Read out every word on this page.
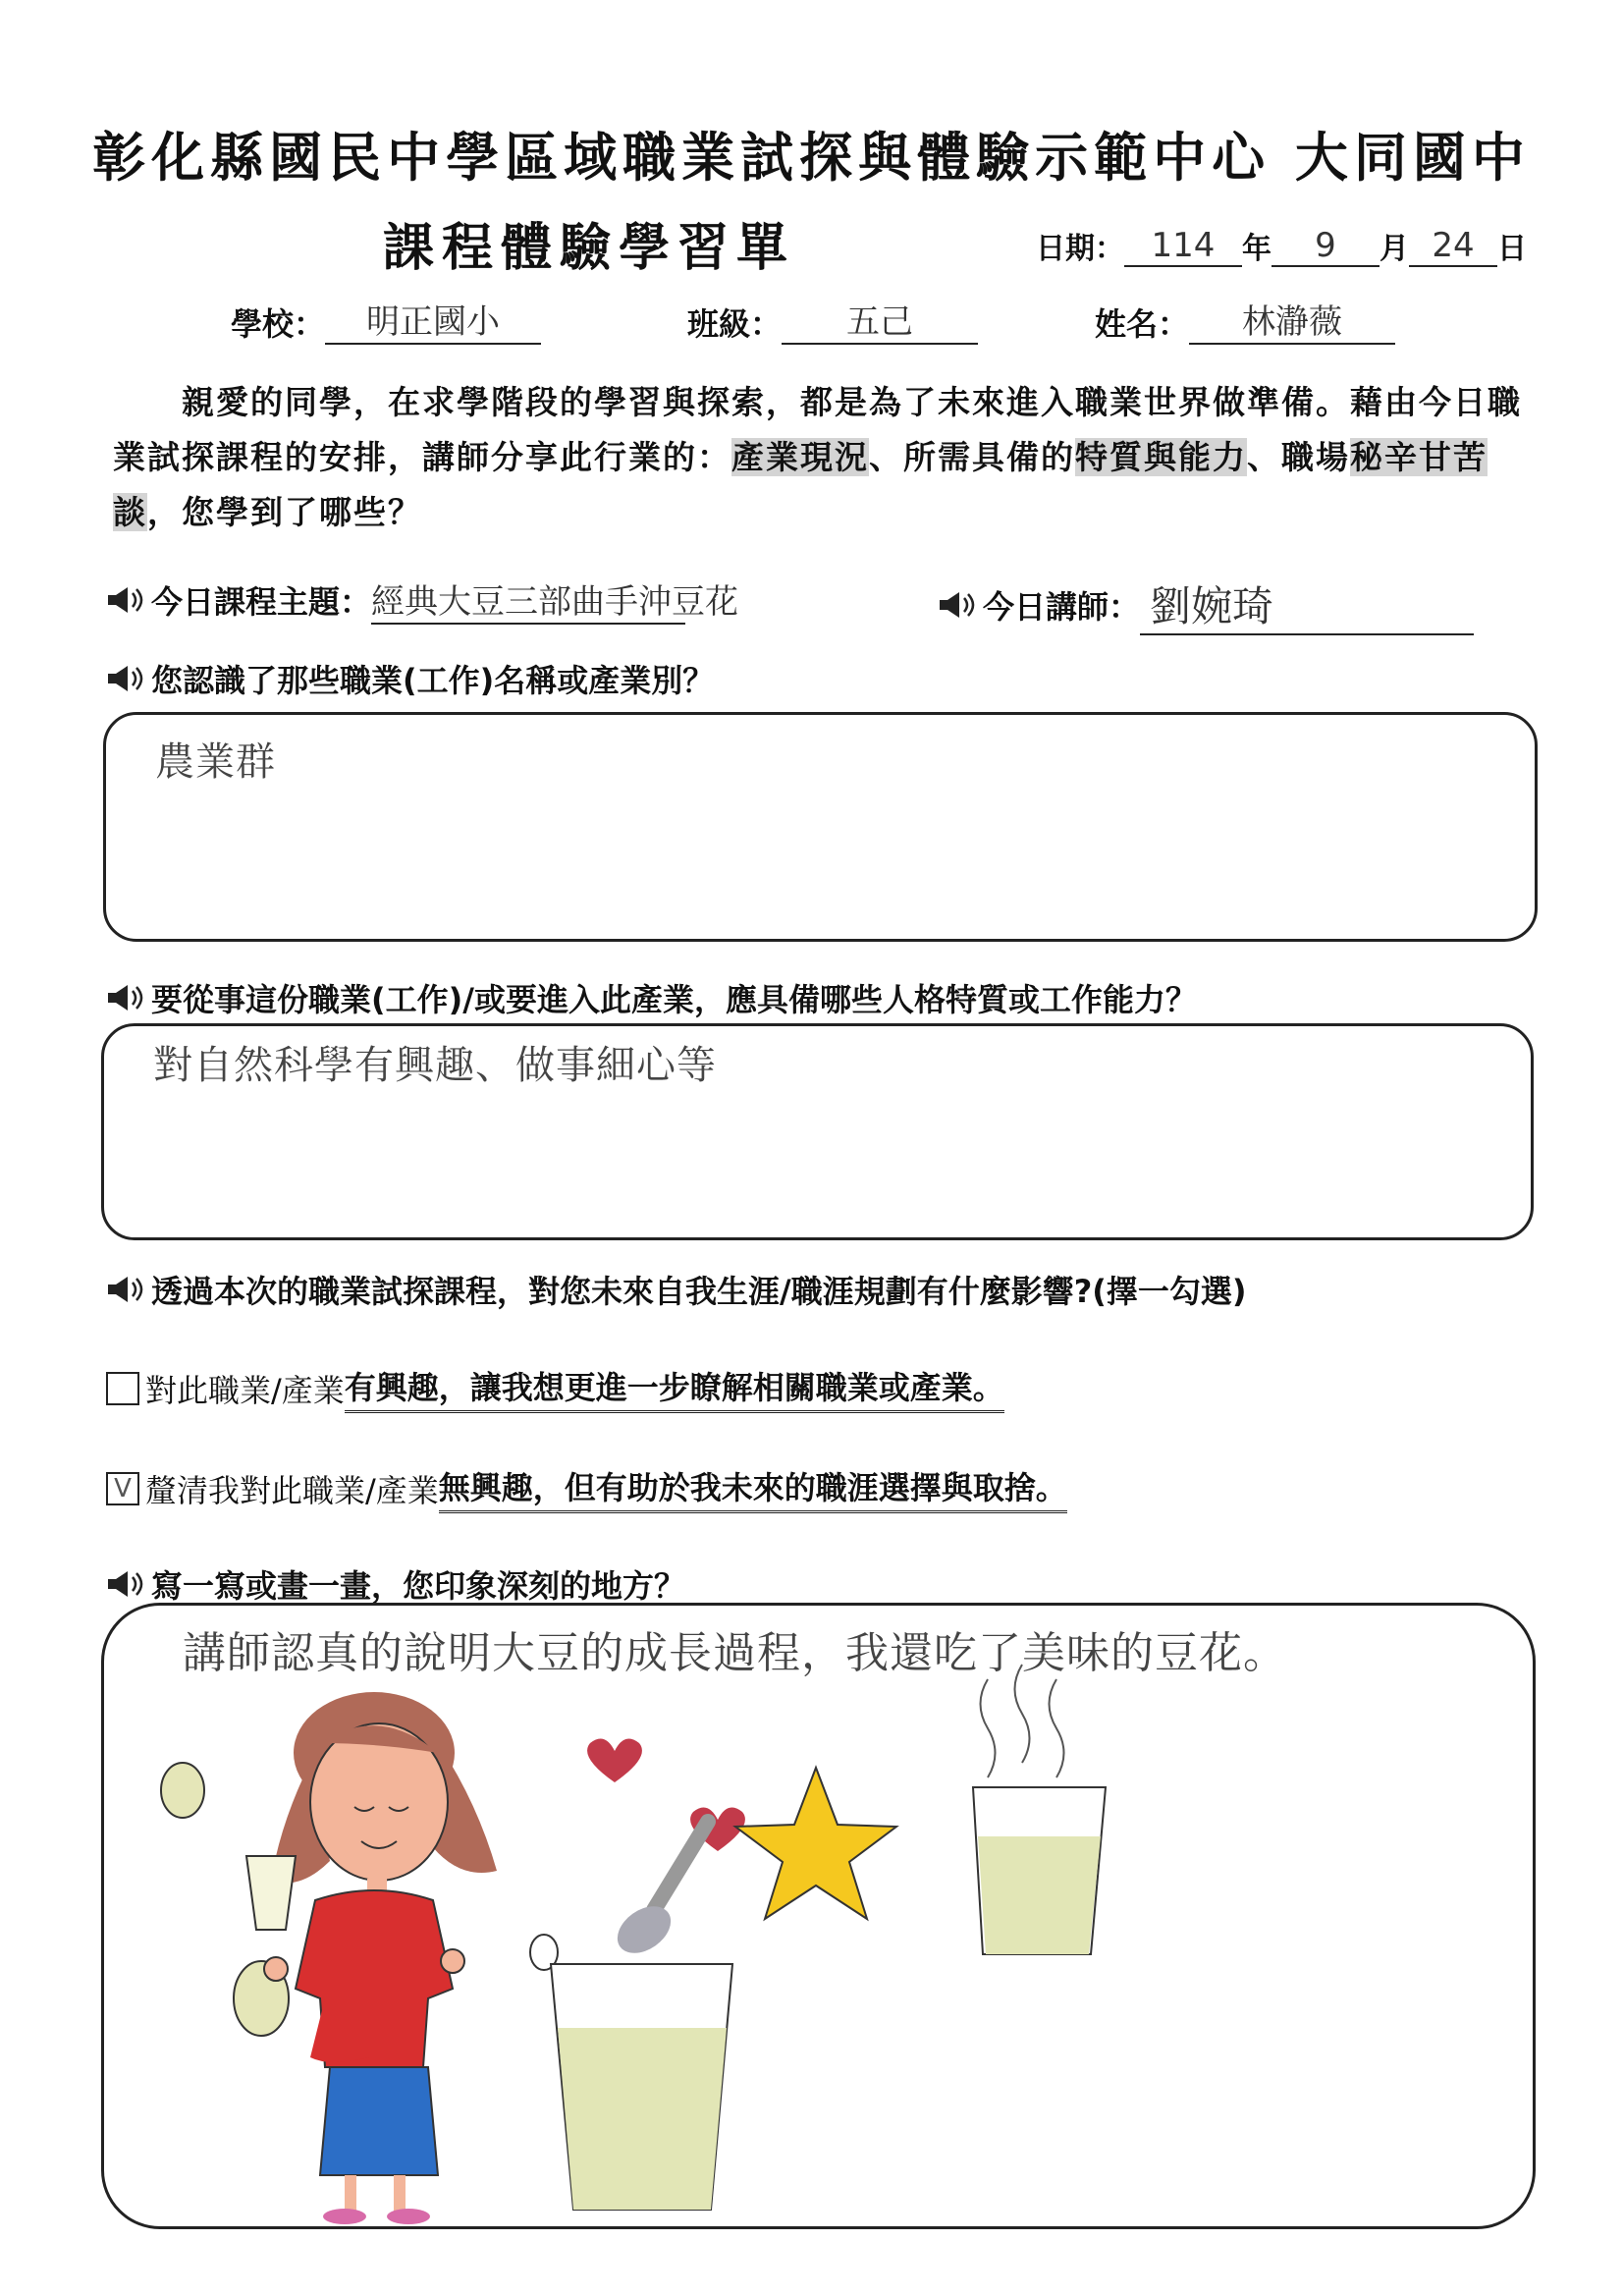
彰化縣國民中學區域職業試探與體驗示範中心 大同國中
課程體驗學習單	日期： 114 年	9	月 24 日
學校：	明正國小	班級：	五己	姓名：	林瀞薇
親愛的同學，在求學階段的學習與探索，都是為了未來進入職業世界做準備。藉由今日職業試探課程的安排，講師分享此行業的：產業現況、所需具備的特質與能力、職場秘辛甘苦談，您學到了哪些？
今日課程主題： 經典大豆三部曲手沖豆花	今日講師： 劉婉琦
您認識了那些職業(工作)名稱或產業別？
農業群
要從事這份職業(工作)/或要進入此產業，應具備哪些人格特質或工作能力？
對自然科學有興趣、做事細心等
透過本次的職業試探課程，對您未來自我生涯/職涯規劃有什麼影響?(擇一勾選)
對此職業/產業 有興趣，讓我想更進一步瞭解相關職業或產業。
V 釐清我對此職業/產業 無興趣，但有助於我未來的職涯選擇與取捨。
寫一寫或畫一畫，您印象深刻的地方？
講師認真的說明大豆的成長過程，我還吃了美味的豆花。
